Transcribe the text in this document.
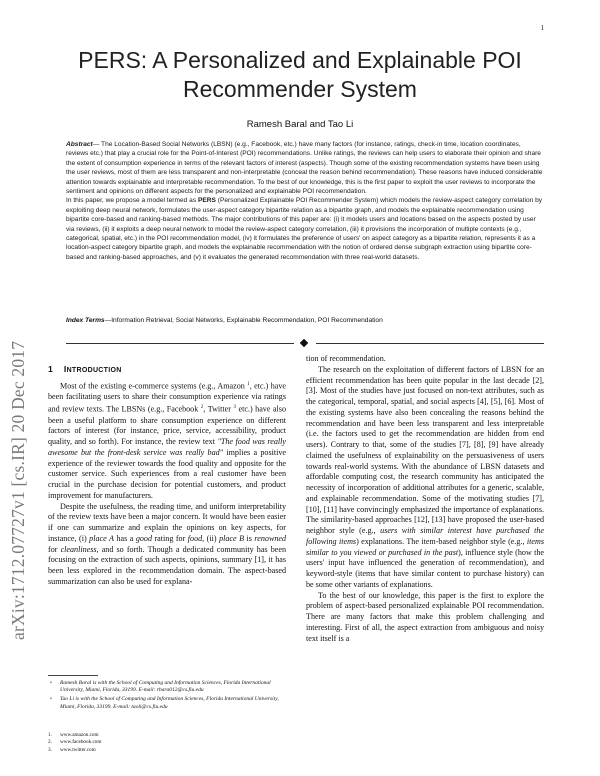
1
arXiv:1712.07727v1 [cs.IR] 20 Dec 2017
PERS: A Personalized and Explainable POI
Recommender System
Ramesh Baral and Tao Li

Abstract— The Location-Based Social Networks (LBSN) (e.g., Facebook, etc.) have many factors (for instance, ratings, check-in time, location coordinates, reviews etc.) that play a crucial role for the Point-of-Interest (POI) recommendations. Unlike ratings, the reviews can help users to elaborate their opinion and share the extent of consumption experience in terms of the relevant factors of interest (aspects). Though some of the existing recommendation systems have been using the user reviews, most of them are less transparent and non-interpretable (conceal the reason behind recommendation). These reasons have induced considerable attention towards explainable and interpretable recommendation. To the best of our knowledge, this is the first paper to exploit the user reviews to incorporate the sentiment and opinions on different aspects for the personalized and explainable POI recommendation.

In this paper, we propose a model termed as PERS (Personalized Explainable POI Recommender System) which models the review-aspect category correlation by exploiting deep neural network, formulates the user-aspect category bipartite relation as a bipartite graph, and models the explainable recommendation using bipartite core-based and ranking-based methods. The major contributions of this paper are: (i) it models users and locations based on the aspects posted by user via reviews, (ii) it exploits a deep neural network to model the review-aspect category correlation, (iii) it provisions the incorporation of multiple contexts (e.g., categorical, spatial, etc.) in the POI recommendation model, (iv) it formulates the preference of users' on aspect category as a bipartite relation, represents it as a location-aspect category bipartite graph, and models the explainable recommendation with the notion of ordered dense subgraph extraction using bipartite core-based and ranking-based approaches, and (v) it evaluates the generated recommendation with three real-world datasets.

Index Terms—Information Retrieval, Social Networks, Explainable Recommendation, POI Recommendation
1 INTRODUCTION

Most of the existing e-commerce systems (e.g., Amazon $^1$, etc.) have been facilitating users to share their consumption experience via ratings and review texts. The LBSNs (e.g., Facebook $^2$, Twitter $^3$ etc.) have also been a useful platform to share consumption experience on different factors of interest (for instance, price, service, accessibility, product quality, and so forth). For instance, the review text "The food was really awesome but the front-desk service was really bad" implies a positive experience of the reviewer towards the food quality and opposite for the customer service. Such experiences from a real customer have been crucial in the purchase decision for potential customers, and product improvement for manufacturers.

Despite the usefulness, the reading time, and uniform interpretability of the review texts have been a major concern. It would have been easier if one can summarize and explain the opinions on key aspects, for instance, (i) place A has a good rating for food, (ii) place B is renowned for cleanliness, and so forth. Though a dedicated community has been focusing on the extraction of such aspects, opinions, summary [1], it has been less explored in the recommendation domain. The aspect-based summarization can also be used for explana-

• Ramesh Baral is with the School of Computing and Information Sciences, Florida International University, Miami, Florida, 33199. E-mail: rbara012@cs.fiu.edu
• Tao Li is with the School of Computing and Information Sciences, Florida International University, Miami, Florida, 33199. E-mail: taoli@cs.fiu.edu
1. www.amazon.com
2. www.facebook.com
3. www.twitter.com

tion of recommendation.

The research on the exploitation of different factors of LBSN for an efficient recommendation has been quite popular in the last decade [2], [3]. Most of the studies have just focused on non-text attributes, such as the categorical, temporal, spatial, and social aspects [4], [5], [6]. Most of the existing systems have also been concealing the reasons behind the recommendation and have been less transparent and less interpretable (i.e. the factors used to get the recommendation are hidden from end users). Contrary to that, some of the studies [7], [8], [9] have already claimed the usefulness of explainability on the persuasiveness of users towards real-world systems. With the abundance of LBSN datasets and affordable computing cost, the research community has anticipated the necessity of incorporation of additional attributes for a generic, scalable, and explainable recommendation. Some of the motivating studies [7], [10], [11] have convincingly emphasized the importance of explanations. The similarity-based approaches [12], [13] have proposed the user-based neighbor style (e.g., users with similar interest have purchased the following items) explanations. The item-based neighbor style (e.g., items similar to you viewed or purchased in the past), influence style (how the users' input have influenced the generation of recommendation), and keyword-style (items that have similar content to purchase history) can be some other variants of explanations.

To the best of our knowledge, this paper is the first to explore the problem of aspect-based personalized explainable POI recommendation. There are many factors that make this problem challenging and interesting. First of all, the aspect extraction from ambiguous and noisy text itself is a
